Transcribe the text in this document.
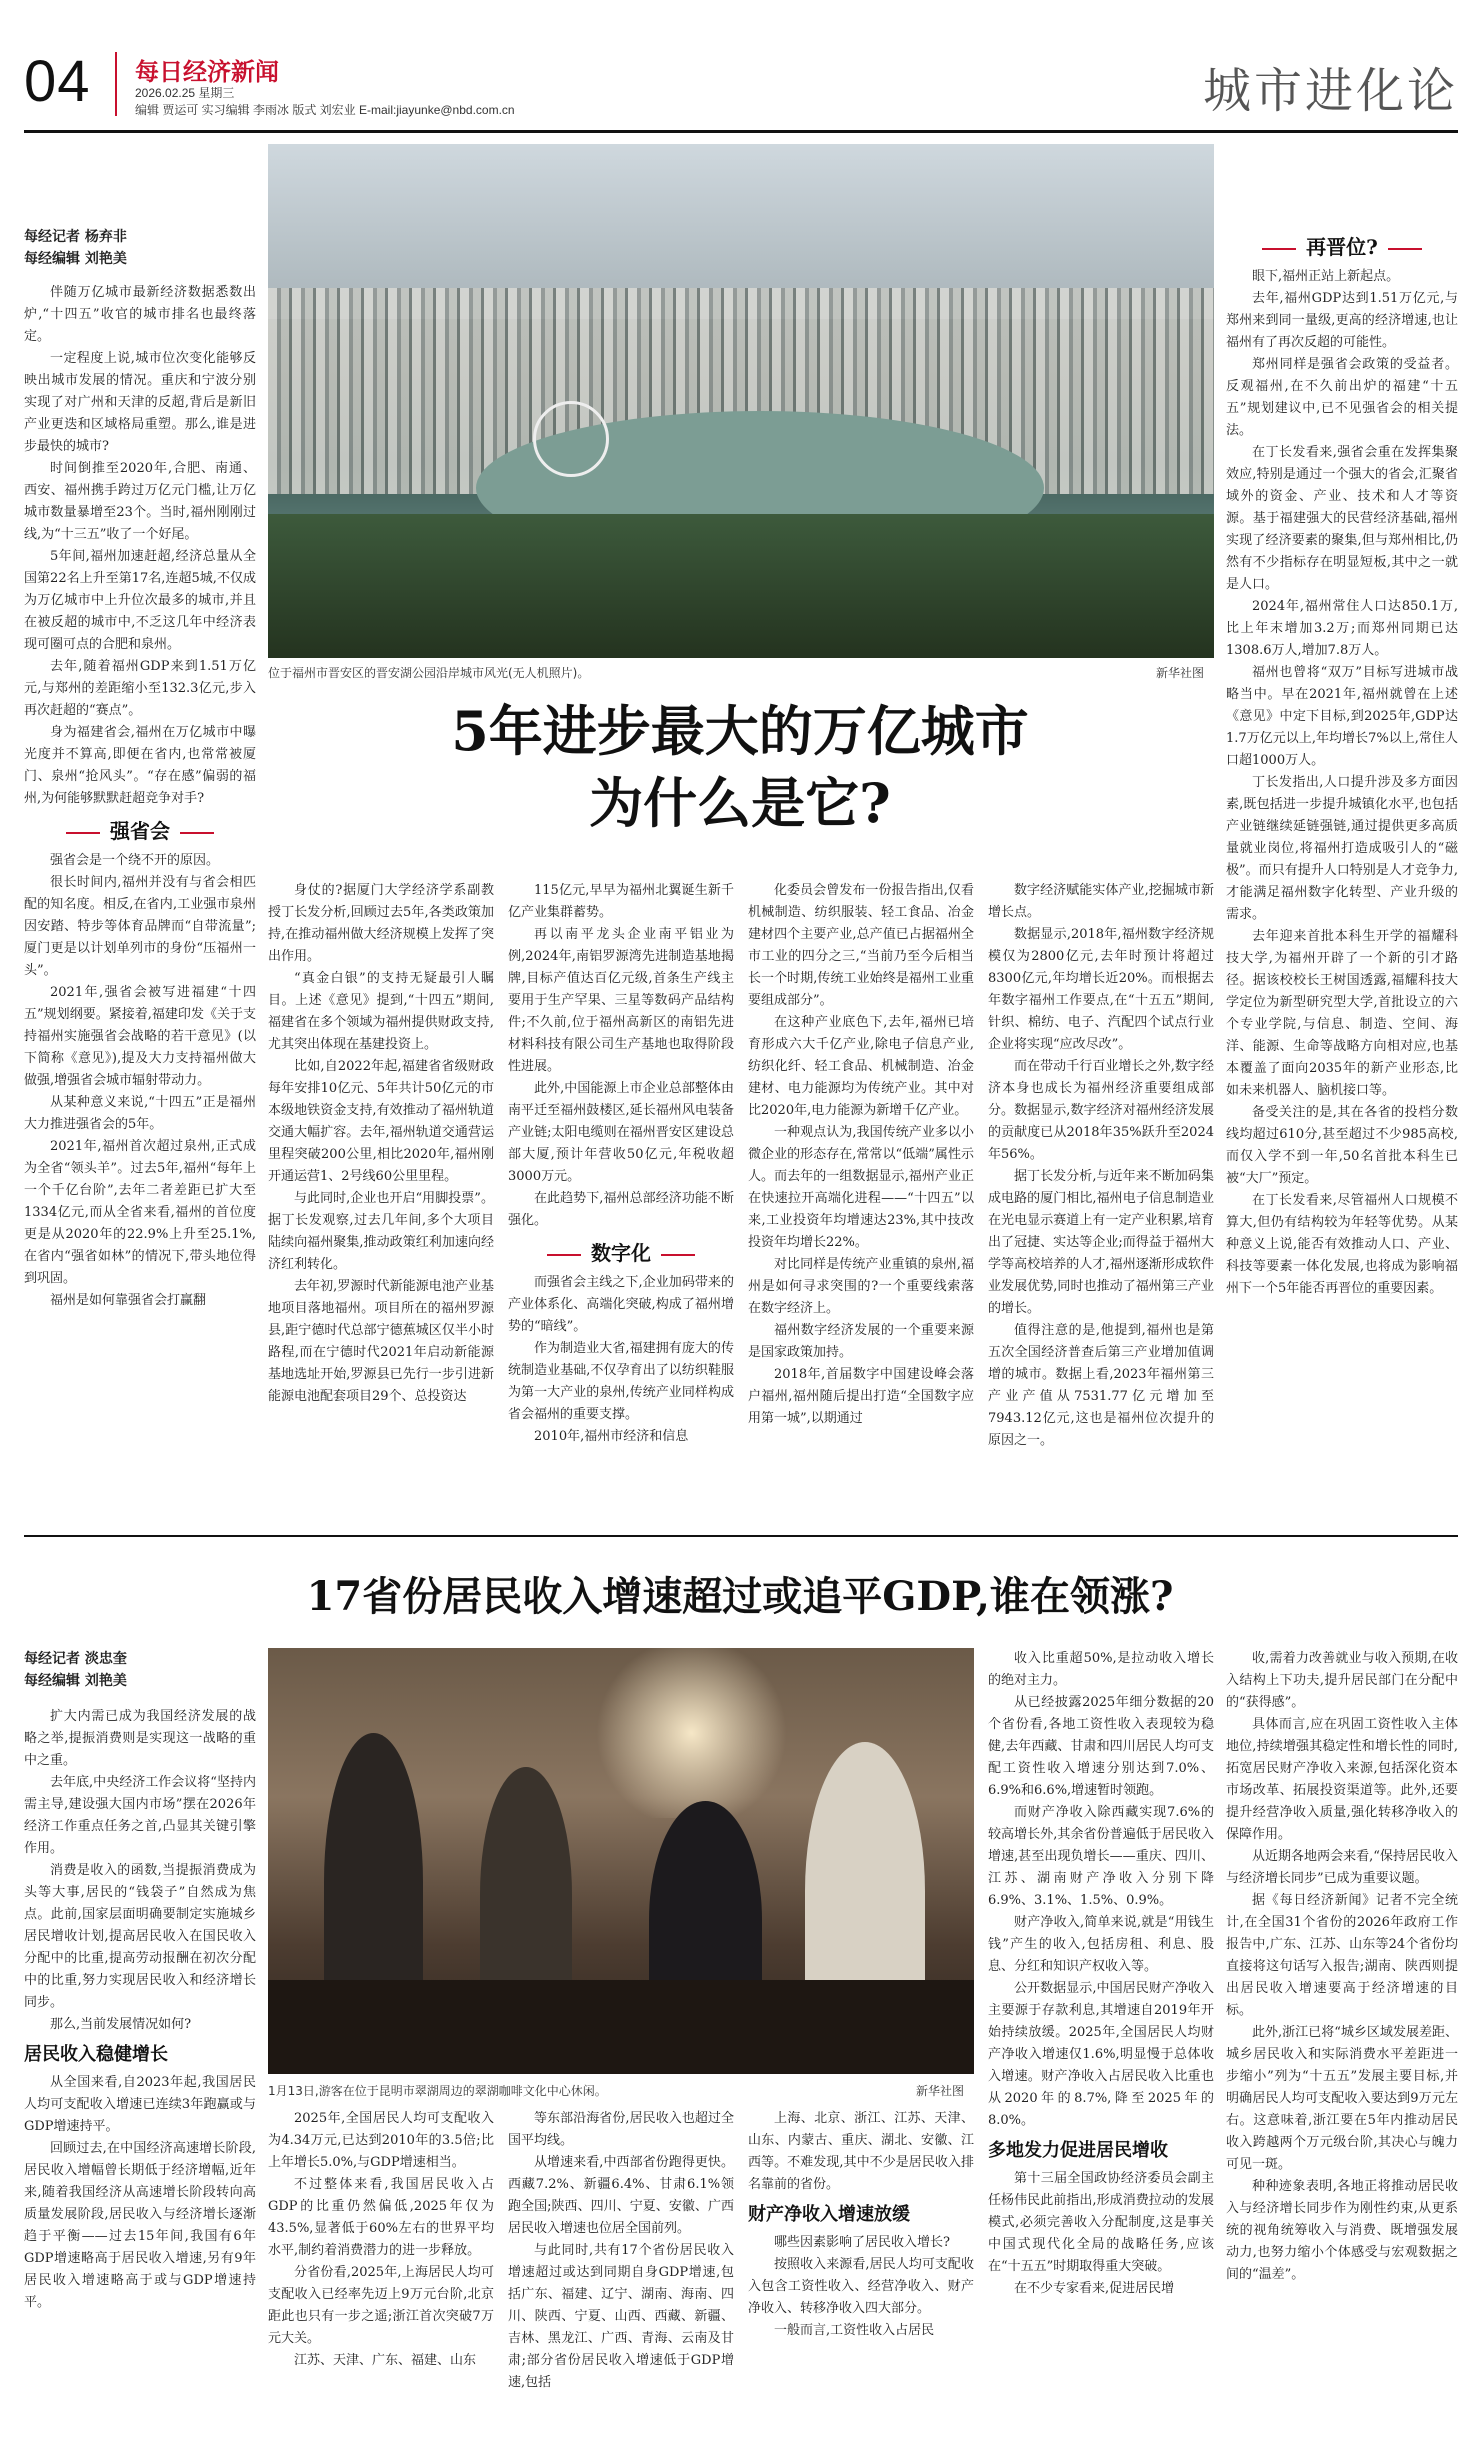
04 每日经济新闻
2026.02.25 星期三
编辑 贾运可 实习编辑 李雨冰 版式 刘宏业 E-mail:jiayunke@nbd.com.cn	城市进化论
位于福州市晋安区的晋安湖公园沿岸城市风光(无人机照片)。	新华社图
5年进步最大的万亿城市
为什么是它?
每经记者 杨弃非
每经编辑 刘艳美

伴随万亿城市最新经济数据悉数出炉,“十四五”收官的城市排名也最终落定。

一定程度上说,城市位次变化能够反映出城市发展的情况。重庆和宁波分别实现了对广州和天津的反超,背后是新旧产业更迭和区域格局重塑。那么,谁是进步最快的城市?

时间倒推至2020年,合肥、南通、西安、福州携手跨过万亿元门槛,让万亿城市数量暴增至23个。当时,福州刚刚过线,为“十三五”收了一个好尾。

5年间,福州加速赶超,经济总量从全国第22名上升至第17名,连超5城,不仅成为万亿城市中上升位次最多的城市,并且在被反超的城市中,不乏这几年中经济表现可圈可点的合肥和泉州。

去年,随着福州GDP来到1.51万亿元,与郑州的差距缩小至132.3亿元,步入再次赶超的“赛点”。

身为福建省会,福州在万亿城市中曝光度并不算高,即便在省内,也常常被厦门、泉州“抢风头”。“存在感”偏弱的福州,为何能够默默赶超竞争对手?

强省会

强省会是一个绕不开的原因。

很长时间内,福州并没有与省会相匹配的知名度。相反,在省内,工业强市泉州因安踏、特步等体育品牌而“自带流量”;厦门更是以计划单列市的身份“压福州一头”。

2021年,强省会被写进福建“十四五”规划纲要。紧接着,福建印发《关于支持福州实施强省会战略的若干意见》(以下简称《意见》),提及大力支持福州做大做强,增强省会城市辐射带动力。

从某种意义来说,“十四五”正是福州大力推进强省会的5年。

2021年,福州首次超过泉州,正式成为全省“领头羊”。过去5年,福州“每年上一个千亿台阶”,去年二者差距已扩大至1334亿元,而从全省来看,福州的首位度更是从2020年的22.9%上升至25.1%,在省内“强省如林”的情况下,带头地位得到巩固。

福州是如何靠强省会打赢翻

身仗的?据厦门大学经济学系副教授丁长发分析,回顾过去5年,各类政策加持,在推动福州做大经济规模上发挥了突出作用。

“真金白银”的支持无疑最引人瞩目。上述《意见》提到,“十四五”期间,福建省在多个领域为福州提供财政支持,尤其突出体现在基建投资上。

比如,自2022年起,福建省省级财政每年安排10亿元、5年共计50亿元的市本级地铁资金支持,有效推动了福州轨道交通大幅扩容。去年,福州轨道交通营运里程突破200公里,相比2020年,福州刚开通运营1、2号线60公里里程。

与此同时,企业也开启“用脚投票”。据丁长发观察,过去几年间,多个大项目陆续向福州聚集,推动政策红利加速向经济红利转化。

去年初,罗源时代新能源电池产业基地项目落地福州。项目所在的福州罗源县,距宁德时代总部宁德蕉城区仅半小时路程,而在宁德时代2021年启动新能源基地选址开始,罗源县已先行一步引进新能源电池配套项目29个、总投资达

115亿元,早早为福州北翼诞生新千亿产业集群蓄势。

再以南平龙头企业南平铝业为例,2024年,南铝罗源湾先进制造基地揭牌,目标产值达百亿元级,首条生产线主要用于生产罕果、三星等数码产品结构件;不久前,位于福州高新区的南铝先进材料科技有限公司生产基地也取得阶段性进展。

此外,中国能源上市企业总部整体由南平迁至福州鼓楼区,延长福州风电装备产业链;太阳电缆则在福州晋安区建设总部大厦,预计年营收50亿元,年税收超3000万元。

在此趋势下,福州总部经济功能不断强化。

数字化

而强省会主线之下,企业加码带来的产业体系化、高端化突破,构成了福州增势的“暗线”。

作为制造业大省,福建拥有庞大的传统制造业基础,不仅孕育出了以纺织鞋服为第一大产业的泉州,传统产业同样构成省会福州的重要支撑。

2010年,福州市经济和信息

化委员会曾发布一份报告指出,仅看机械制造、纺织服装、轻工食品、冶金建材四个主要产业,总产值已占据福州全市工业的四分之三,“当前乃至今后相当长一个时期,传统工业始终是福州工业重要组成部分”。

在这种产业底色下,去年,福州已培育形成六大千亿产业,除电子信息产业,纺织化纤、轻工食品、机械制造、冶金建材、电力能源均为传统产业。其中对比2020年,电力能源为新增千亿产业。

一种观点认为,我国传统产业多以小微企业的形态存在,常常以“低端”属性示人。而去年的一组数据显示,福州产业正在快速拉开高端化进程——“十四五”以来,工业投资年均增速达23%,其中技改投资年均增长22%。

对比同样是传统产业重镇的泉州,福州是如何寻求突围的?一个重要线索落在数字经济上。

福州数字经济发展的一个重要来源是国家政策加持。

2018年,首届数字中国建设峰会落户福州,福州随后提出打造“全国数字应用第一城”,以期通过

数字经济赋能实体产业,挖掘城市新增长点。

数据显示,2018年,福州数字经济规模仅为2800亿元,去年时预计将超过8300亿元,年均增长近20%。而根据去年数字福州工作要点,在“十五五”期间,针织、棉纺、电子、汽配四个试点行业企业将实现“应改尽改”。

而在带动千行百业增长之外,数字经济本身也成长为福州经济重要组成部分。数据显示,数字经济对福州经济发展的贡献度已从2018年35%跃升至2024年56%。

据丁长发分析,与近年来不断加码集成电路的厦门相比,福州电子信息制造业在光电显示赛道上有一定产业积累,培育出了冠捷、实达等企业;而得益于福州大学等高校培养的人才,福州逐渐形成软件业发展优势,同时也推动了福州第三产业的增长。

值得注意的是,他提到,福州也是第五次全国经济普查后第三产业增加值调增的城市。数据上看,2023年福州第三产业产值从7531.77亿元增加至7943.12亿元,这也是福州位次提升的原因之一。

再晋位?

眼下,福州正站上新起点。

去年,福州GDP达到1.51万亿元,与郑州来到同一量级,更高的经济增速,也让福州有了再次反超的可能性。

郑州同样是强省会政策的受益者。反观福州,在不久前出炉的福建“十五五”规划建议中,已不见强省会的相关提法。

在丁长发看来,强省会重在发挥集聚效应,特别是通过一个强大的省会,汇聚省域外的资金、产业、技术和人才等资源。基于福建强大的民营经济基础,福州实现了经济要素的聚集,但与郑州相比,仍然有不少指标存在明显短板,其中之一就是人口。

2024年,福州常住人口达850.1万,比上年末增加3.2万;而郑州同期已达1308.6万人,增加7.8万人。

福州也曾将“双万”目标写进城市战略当中。早在2021年,福州就曾在上述《意见》中定下目标,到2025年,GDP达1.7万亿元以上,年均增长7%以上,常住人口超1000万人。

丁长发指出,人口提升涉及多方面因素,既包括进一步提升城镇化水平,也包括产业链继续延链强链,通过提供更多高质量就业岗位,将福州打造成吸引人的“磁极”。而只有提升人口特别是人才竞争力,才能满足福州数字化转型、产业升级的需求。

去年迎来首批本科生开学的福耀科技大学,为福州开辟了一个新的引才路径。据该校校长王树国透露,福耀科技大学定位为新型研究型大学,首批设立的六个专业学院,与信息、制造、空间、海洋、能源、生命等战略方向相对应,也基本覆盖了面向2035年的新产业形态,比如未来机器人、脑机接口等。

备受关注的是,其在各省的投档分数线均超过610分,甚至超过不少985高校,而仅入学不到一年,50名首批本科生已被“大厂”预定。

在丁长发看来,尽管福州人口规模不算大,但仍有结构较为年轻等优势。从某种意义上说,能否有效推动人口、产业、科技等要素一体化发展,也将成为影响福州下一个5年能否再晋位的重要因素。

17省份居民收入增速超过或追平GDP,谁在领涨?
每经记者 淡忠奎
每经编辑 刘艳美

扩大内需已成为我国经济发展的战略之举,提振消费则是实现这一战略的重中之重。

去年底,中央经济工作会议将“坚持内需主导,建设强大国内市场”摆在2026年经济工作重点任务之首,凸显其关键引擎作用。

消费是收入的函数,当提振消费成为头等大事,居民的“钱袋子”自然成为焦点。此前,国家层面明确要制定实施城乡居民增收计划,提高居民收入在国民收入分配中的比重,提高劳动报酬在初次分配中的比重,努力实现居民收入和经济增长同步。

那么,当前发展情况如何?

居民收入稳健增长

从全国来看,自2023年起,我国居民人均可支配收入增速已连续3年跑赢或与GDP增速持平。

回顾过去,在中国经济高速增长阶段,居民收入增幅曾长期低于经济增幅,近年来,随着我国经济从高速增长阶段转向高质量发展阶段,居民收入与经济增长逐渐趋于平衡——过去15年间,我国有6年GDP增速略高于居民收入增速,另有9年居民收入增速略高于或与GDP增速持平。

1月13日,游客在位于昆明市翠湖周边的翠湖咖啡文化中心休闲。	新华社图

2025年,全国居民人均可支配收入为4.34万元,已达到2010年的3.5倍;比上年增长5.0%,与GDP增速相当。

不过整体来看,我国居民收入占GDP的比重仍然偏低,2025年仅为43.5%,显著低于60%左右的世界平均水平,制约着消费潜力的进一步释放。

分省份看,2025年,上海居民人均可支配收入已经率先迈上9万元台阶,北京距此也只有一步之遥;浙江首次突破7万元大关。

江苏、天津、广东、福建、山东

等东部沿海省份,居民收入也超过全国平均线。

从增速来看,中西部省份跑得更快。西藏7.2%、新疆6.4%、甘肃6.1%领跑全国;陕西、四川、宁夏、安徽、广西居民收入增速也位居全国前列。

与此同时,共有17个省份居民收入增速超过或达到同期自身GDP增速,包括广东、福建、辽宁、湖南、海南、四川、陕西、宁夏、山西、西藏、新疆、吉林、黑龙江、广西、青海、云南及甘肃;部分省份居民收入增速低于GDP增速,包括

上海、北京、浙江、江苏、天津、山东、内蒙古、重庆、湖北、安徽、江西等。不难发现,其中不少是居民收入排名靠前的省份。

财产净收入增速放缓

哪些因素影响了居民收入增长?

按照收入来源看,居民人均可支配收入包含工资性收入、经营净收入、财产净收入、转移净收入四大部分。

一般而言,工资性收入占居民

收入比重超50%,是拉动收入增长的绝对主力。

从已经披露2025年细分数据的20个省份看,各地工资性收入表现较为稳健,去年西藏、甘肃和四川居民人均可支配工资性收入增速分别达到7.0%、6.9%和6.6%,增速暂时领跑。

而财产净收入除西藏实现7.6%的较高增长外,其余省份普遍低于居民收入增速,甚至出现负增长——重庆、四川、江苏、湖南财产净收入分别下降6.9%、3.1%、1.5%、0.9%。

财产净收入,简单来说,就是“用钱生钱”产生的收入,包括房租、利息、股息、分红和知识产权收入等。

公开数据显示,中国居民财产净收入主要源于存款利息,其增速自2019年开始持续放缓。2025年,全国居民人均财产净收入增速仅1.6%,明显慢于总体收入增速。财产净收入占居民收入比重也从2020年的8.7%,降至2025年的8.0%。

多地发力促进居民增收

第十三届全国政协经济委员会副主任杨伟民此前指出,形成消费拉动的发展模式,必须完善收入分配制度,这是事关中国式现代化全局的战略任务,应该在“十五五”时期取得重大突破。

在不少专家看来,促进居民增

收,需着力改善就业与收入预期,在收入结构上下功夫,提升居民部门在分配中的“获得感”。

具体而言,应在巩固工资性收入主体地位,持续增强其稳定性和增长性的同时,拓宽居民财产净收入来源,包括深化资本市场改革、拓展投资渠道等。此外,还要提升经营净收入质量,强化转移净收入的保障作用。

从近期各地两会来看,“保持居民收入与经济增长同步”已成为重要议题。

据《每日经济新闻》记者不完全统计,在全国31个省份的2026年政府工作报告中,广东、江苏、山东等24个省份均直接将这句话写入报告;湖南、陕西则提出居民收入增速要高于经济增速的目标。

此外,浙江已将“城乡区域发展差距、城乡居民收入和实际消费水平差距进一步缩小”列为“十五五”发展主要目标,并明确居民人均可支配收入要达到9万元左右。这意味着,浙江要在5年内推动居民收入跨越两个万元级台阶,其决心与魄力可见一斑。

种种迹象表明,各地正将推动居民收入与经济增长同步作为刚性约束,从更系统的视角统筹收入与消费、既增强发展动力,也努力缩小个体感受与宏观数据之间的“温差”。
